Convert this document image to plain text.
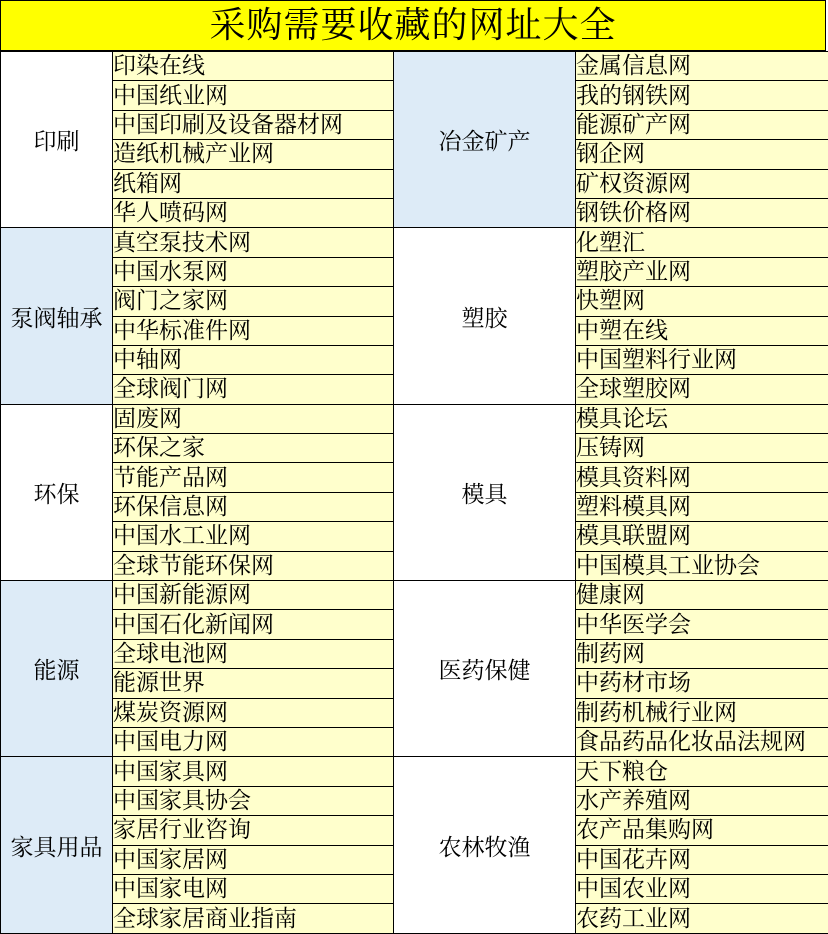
采购需要收藏的网址大全
印刷	印染在线	冶金矿产	金属信息网
	中国纸业网		我的钢铁网
	中国印刷及设备器材网		能源矿产网
	造纸机械产业网		钢企网
	纸箱网		矿权资源网
	华人喷码网		钢铁价格网
泵阀轴承	真空泵技术网	塑胶	化塑汇
	中国水泵网		塑胶产业网
	阀门之家网		快塑网
	中华标准件网		中塑在线
	中轴网		中国塑料行业网
	全球阀门网		全球塑胶网
环保	固废网	模具	模具论坛
	环保之家		压铸网
	节能产品网		模具资料网
	环保信息网		塑料模具网
	中国水工业网		模具联盟网
	全球节能环保网		中国模具工业协会
能源	中国新能源网	医药保健	健康网
	中国石化新闻网		中华医学会
	全球电池网		制药网
	能源世界		中药材市场
	煤炭资源网		制药机械行业网
	中国电力网		食品药品化妆品法规网
家具用品	中国家具网	农林牧渔	天下粮仓
	中国家具协会		水产养殖网
	家居行业咨询		农产品集购网
	中国家居网		中国花卉网
	中国家电网		中国农业网
	全球家居商业指南		农药工业网
